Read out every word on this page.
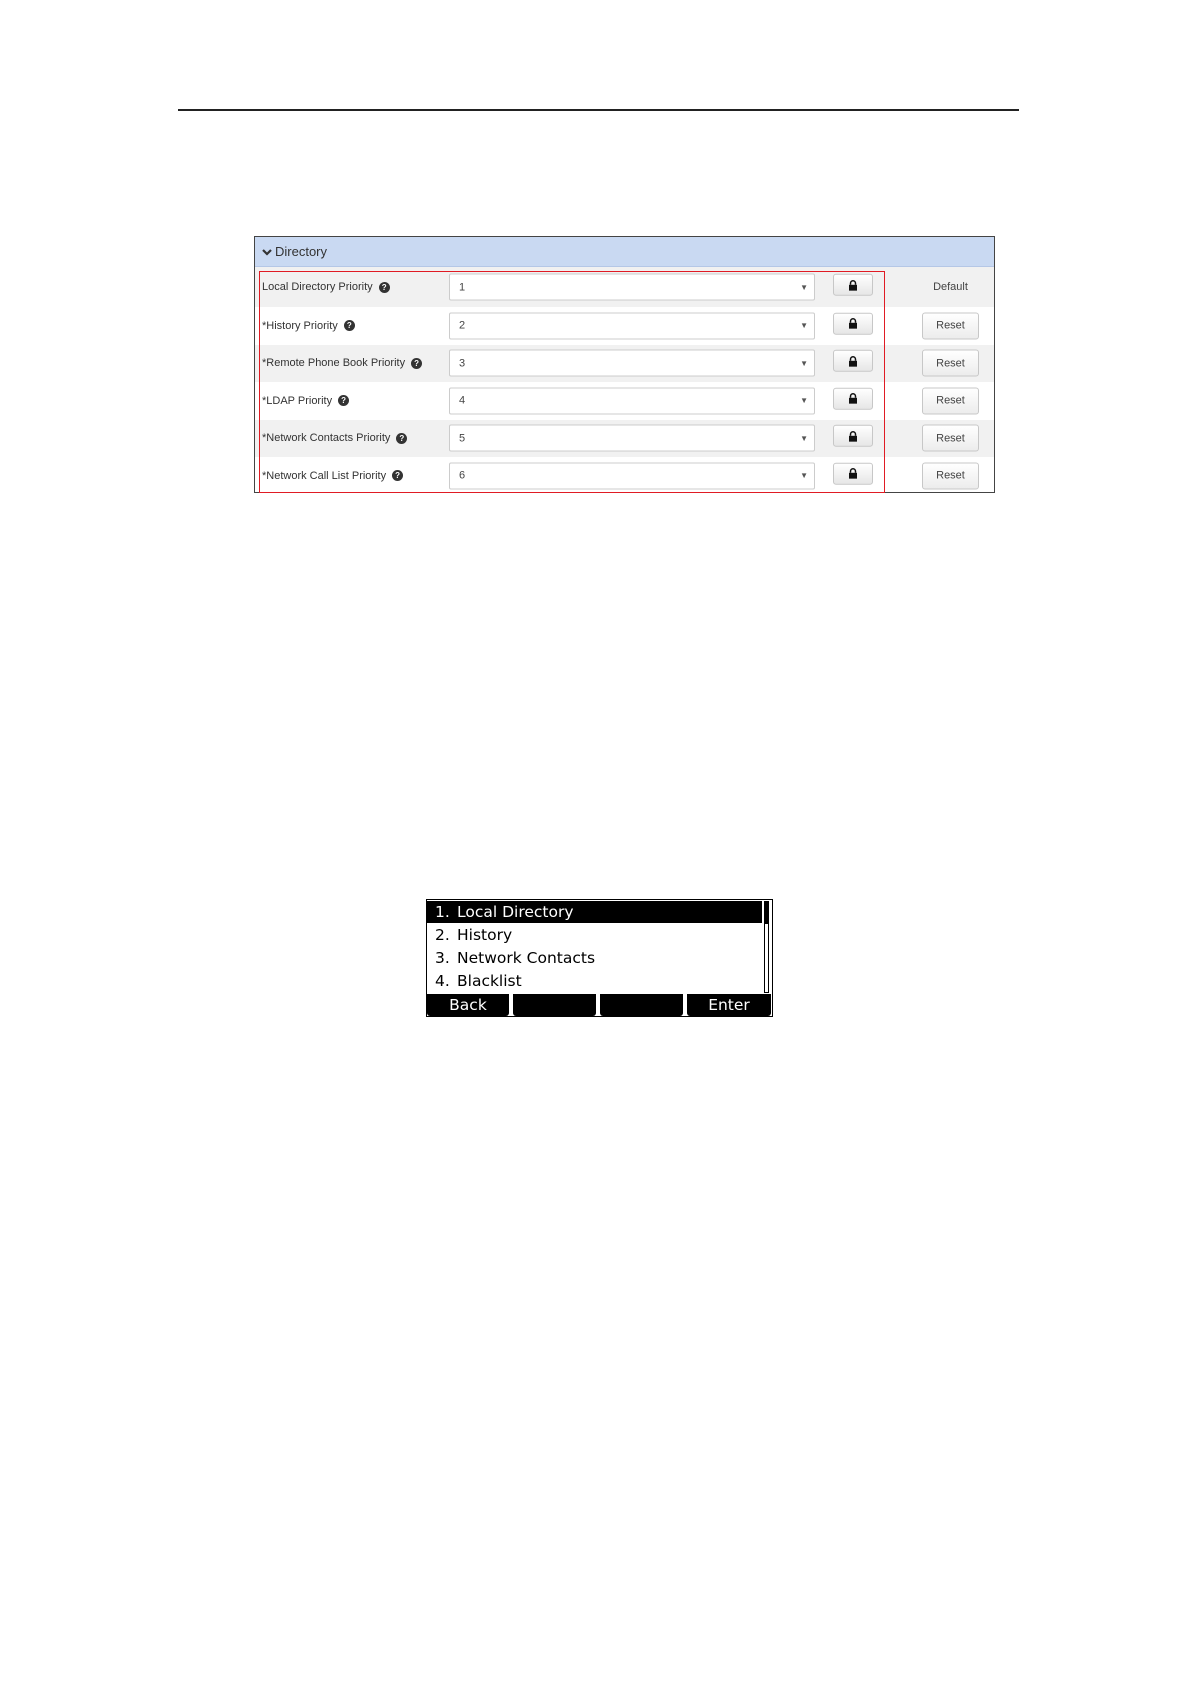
Directory
Local Directory Priority	?	1	▼	Default
*History Priority	?	2	▼	Reset
*Remote Phone Book Priority	?	3	▼	Reset
*LDAP Priority	?	4	▼	Reset
*Network Contacts Priority	?	5	▼	Reset
*Network Call List Priority	?	6	▼	Reset
1. Local Directory
2. History
3. Network Contacts
4. Blacklist
Back	Enter
